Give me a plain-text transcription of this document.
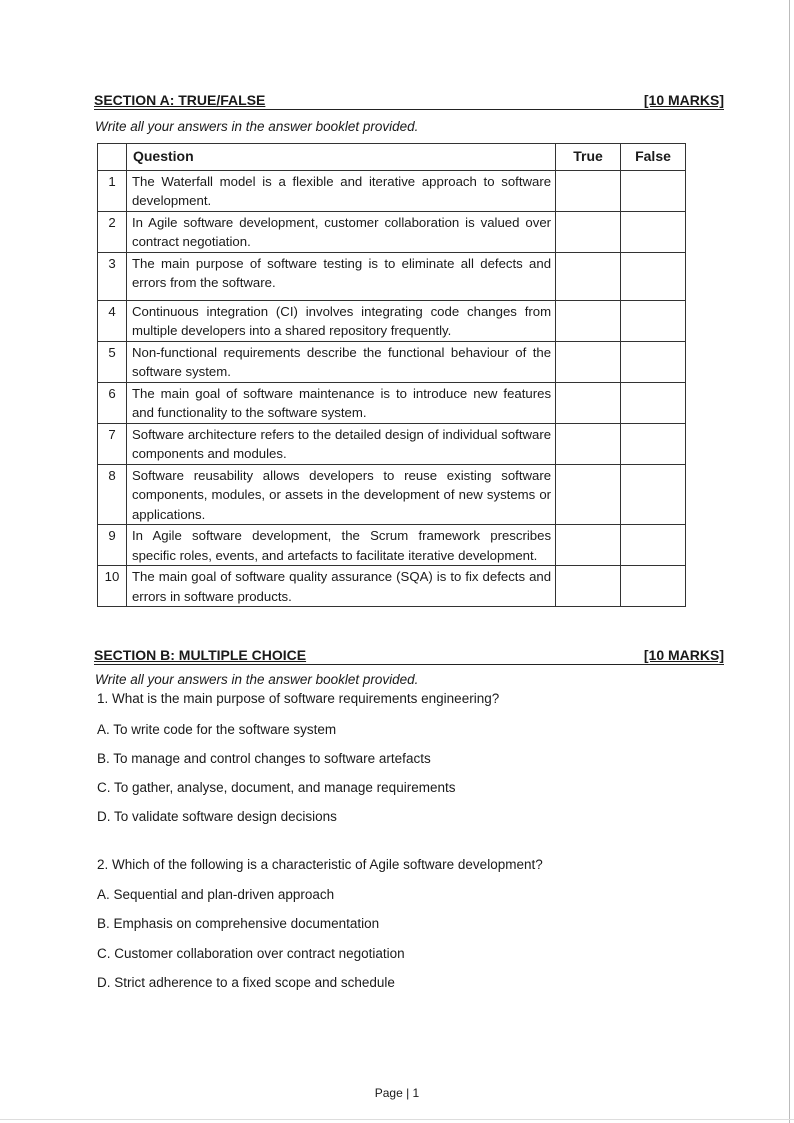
SECTION A: TRUE/FALSE	[10 MARKS]
Write all your answers in the answer booklet provided.
	Question	True	False
1	The Waterfall model is a flexible and iterative approach to software development.		
2	In Agile software development, customer collaboration is valued over contract negotiation.		
3	The main purpose of software testing is to eliminate all defects and errors from the software.		
4	Continuous integration (CI) involves integrating code changes from multiple developers into a shared repository frequently.		
5	Non-functional requirements describe the functional behaviour of the software system.		
6	The main goal of software maintenance is to introduce new features and functionality to the software system.		
7	Software architecture refers to the detailed design of individual software components and modules.		
8	Software reusability allows developers to reuse existing software components, modules, or assets in the development of new systems or applications.		
9	In Agile software development, the Scrum framework prescribes specific roles, events, and artefacts to facilitate iterative development.		
10	The main goal of software quality assurance (SQA) is to fix defects and errors in software products.		
SECTION B: MULTIPLE CHOICE	[10 MARKS]
Write all your answers in the answer booklet provided.
1. What is the main purpose of software requirements engineering?
A. To write code for the software system
B. To manage and control changes to software artefacts
C. To gather, analyse, document, and manage requirements
D. To validate software design decisions
2. Which of the following is a characteristic of Agile software development?
A. Sequential and plan-driven approach
B. Emphasis on comprehensive documentation
C. Customer collaboration over contract negotiation
D. Strict adherence to a fixed scope and schedule
Page | 1
